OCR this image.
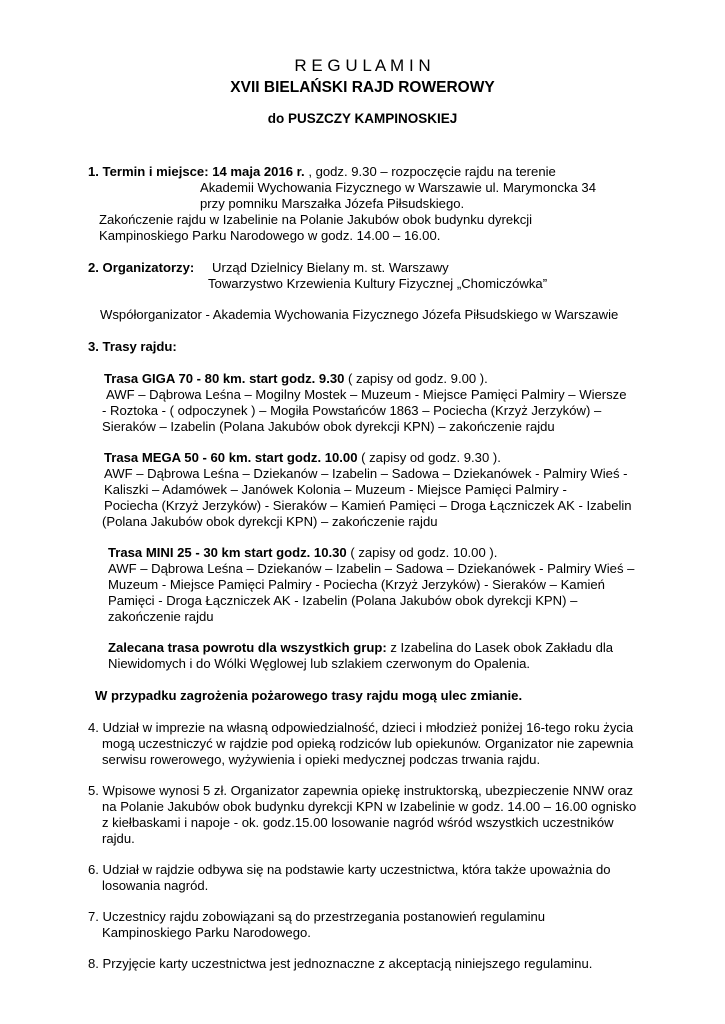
R E G U L A M I N
XVII BIELAŃSKI RAJD ROWEROWY
do PUSZCZY KAMPINOSKIEJ
1. Termin i miejsce: 14 maja 2016 r. , godz. 9.30 – rozpoczęcie rajdu na terenie
Akademii Wychowania Fizycznego w Warszawie ul. Marymoncka 34
przy pomniku Marszałka Józefa Piłsudskiego.
Zakończenie rajdu w Izabelinie na Polanie Jakubów obok budynku dyrekcji
Kampinoskiego Parku Narodowego w godz. 14.00 – 16.00.
2. Organizatorzy: Urząd Dzielnicy Bielany m. st. Warszawy
Towarzystwo Krzewienia Kultury Fizycznej „Chomiczówka”
Współorganizator - Akademia Wychowania Fizycznego Józefa Piłsudskiego w Warszawie
3. Trasy rajdu:
Trasa GIGA 70 - 80 km. start godz. 9.30 ( zapisy od godz. 9.00 ).
AWF – Dąbrowa Leśna – Mogilny Mostek – Muzeum - Miejsce Pamięci Palmiry – Wiersze
- Roztoka - ( odpoczynek ) – Mogiła Powstańców 1863 – Pociecha (Krzyż Jerzyków) –
Sieraków – Izabelin (Polana Jakubów obok dyrekcji KPN) – zakończenie rajdu
Trasa MEGA 50 - 60 km. start godz. 10.00 ( zapisy od godz. 9.30 ).
AWF – Dąbrowa Leśna – Dziekanów – Izabelin – Sadowa – Dziekanówek - Palmiry Wieś -
Kaliszki – Adamówek – Janówek Kolonia – Muzeum - Miejsce Pamięci Palmiry -
Pociecha (Krzyż Jerzyków) - Sieraków – Kamień Pamięci – Droga Łączniczek AK - Izabelin
(Polana Jakubów obok dyrekcji KPN) – zakończenie rajdu
Trasa MINI 25 - 30 km start godz. 10.30 ( zapisy od godz. 10.00 ).
AWF – Dąbrowa Leśna – Dziekanów – Izabelin – Sadowa – Dziekanówek - Palmiry Wieś –
Muzeum - Miejsce Pamięci Palmiry - Pociecha (Krzyż Jerzyków) - Sieraków – Kamień
Pamięci - Droga Łączniczek AK - Izabelin (Polana Jakubów obok dyrekcji KPN) –
zakończenie rajdu
Zalecana trasa powrotu dla wszystkich grup: z Izabelina do Lasek obok Zakładu dla
Niewidomych i do Wólki Węglowej lub szlakiem czerwonym do Opalenia.
W przypadku zagrożenia pożarowego trasy rajdu mogą ulec zmianie.
4. Udział w imprezie na własną odpowiedzialność, dzieci i młodzież poniżej 16-tego roku życia
mogą uczestniczyć w rajdzie pod opieką rodziców lub opiekunów. Organizator nie zapewnia
serwisu rowerowego, wyżywienia i opieki medycznej podczas trwania rajdu.
5. Wpisowe wynosi 5 zł. Organizator zapewnia opiekę instruktorską, ubezpieczenie NNW oraz
na Polanie Jakubów obok budynku dyrekcji KPN w Izabelinie w godz. 14.00 – 16.00 ognisko
z kiełbaskami i napoje - ok. godz.15.00 losowanie nagród wśród wszystkich uczestników
rajdu.
6. Udział w rajdzie odbywa się na podstawie karty uczestnictwa, która także upoważnia do
losowania nagród.
7. Uczestnicy rajdu zobowiązani są do przestrzegania postanowień regulaminu
Kampinoskiego Parku Narodowego.
8. Przyjęcie karty uczestnictwa jest jednoznaczne z akceptacją niniejszego regulaminu.
